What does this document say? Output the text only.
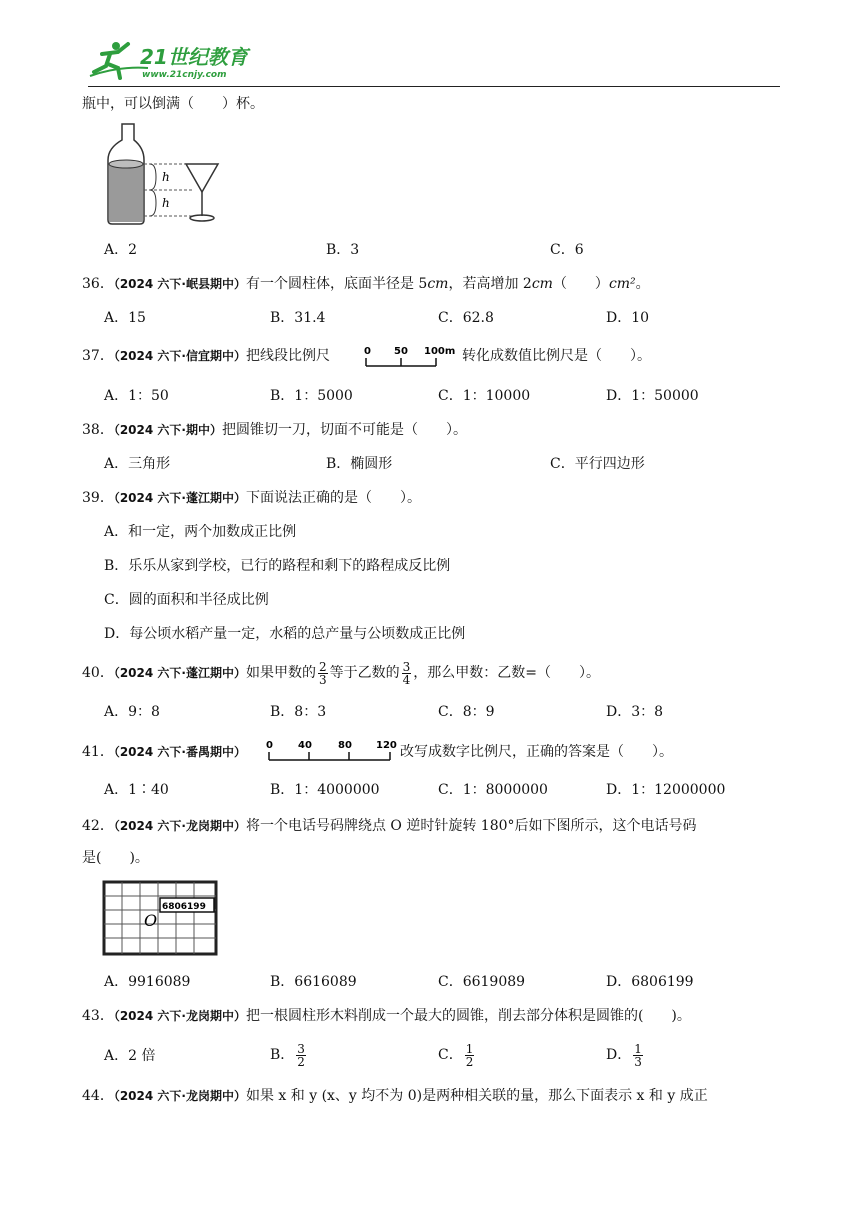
21世纪教育
www.21cnjy.com
瓶中，可以倒满（　　）杯。
h
h
A．2	B．3	C．6
36．（2024 六下·岷县期中）有一个圆柱体，底面半径是 5cm，若高增加 2cm（　　）cm²。
A．15	B．31.4	C．62.8	D．10
37．（2024 六下·信宜期中）把线段比例尺	0 50 100m 转化成数值比例尺是（　　）。
A．1：50	B．1：5000	C．1：10000	D．1：50000
38．（2024 六下·期中）把圆锥切一刀，切面不可能是（　　）。
A．三角形	B．椭圆形	C．平行四边形
39．（2024 六下·蓬江期中）下面说法正确的是（　　）。
A．和一定，两个加数成正比例
B．乐乐从家到学校，已行的路程和剩下的路程成反比例
C．圆的面积和半径成比例
D．每公顷水稻产量一定，水稻的总产量与公顷数成正比例
40．（2024 六下·蓬江期中）如果甲数的 $\frac{2}{3}$ 等于乙数的 $\frac{3}{4}$ ，那么甲数：乙数=（　　）。
A．9：8	B．8：3	C．8：9	D．3：8
41．（2024 六下·番禺期中） 0	40	80 120 改写成数字比例尺，正确的答案是（　　）。
A．1∶40	B．1：4000000	C．1：8000000	D．1：12000000
42．（2024 六下·龙岗期中）将一个电话号码牌绕点 O 逆时针旋转 180°后如下图所示，这个电话号码
是(　　)。
6806199
O
A．9916089	B．6616089	C．6619089	D．6806199
43．（2024 六下·龙岗期中）把一根圆柱形木料削成一个最大的圆锥，削去部分体积是圆锥的(　　)。
A．2 倍	B． $\frac{3}{2}$	C． $\frac{1}{2}$	D． $\frac{1}{3}$
44．（2024 六下·龙岗期中）如果 x 和 y (x、y 均不为 0)是两种相关联的量，那么下面表示 x 和 y 成正
